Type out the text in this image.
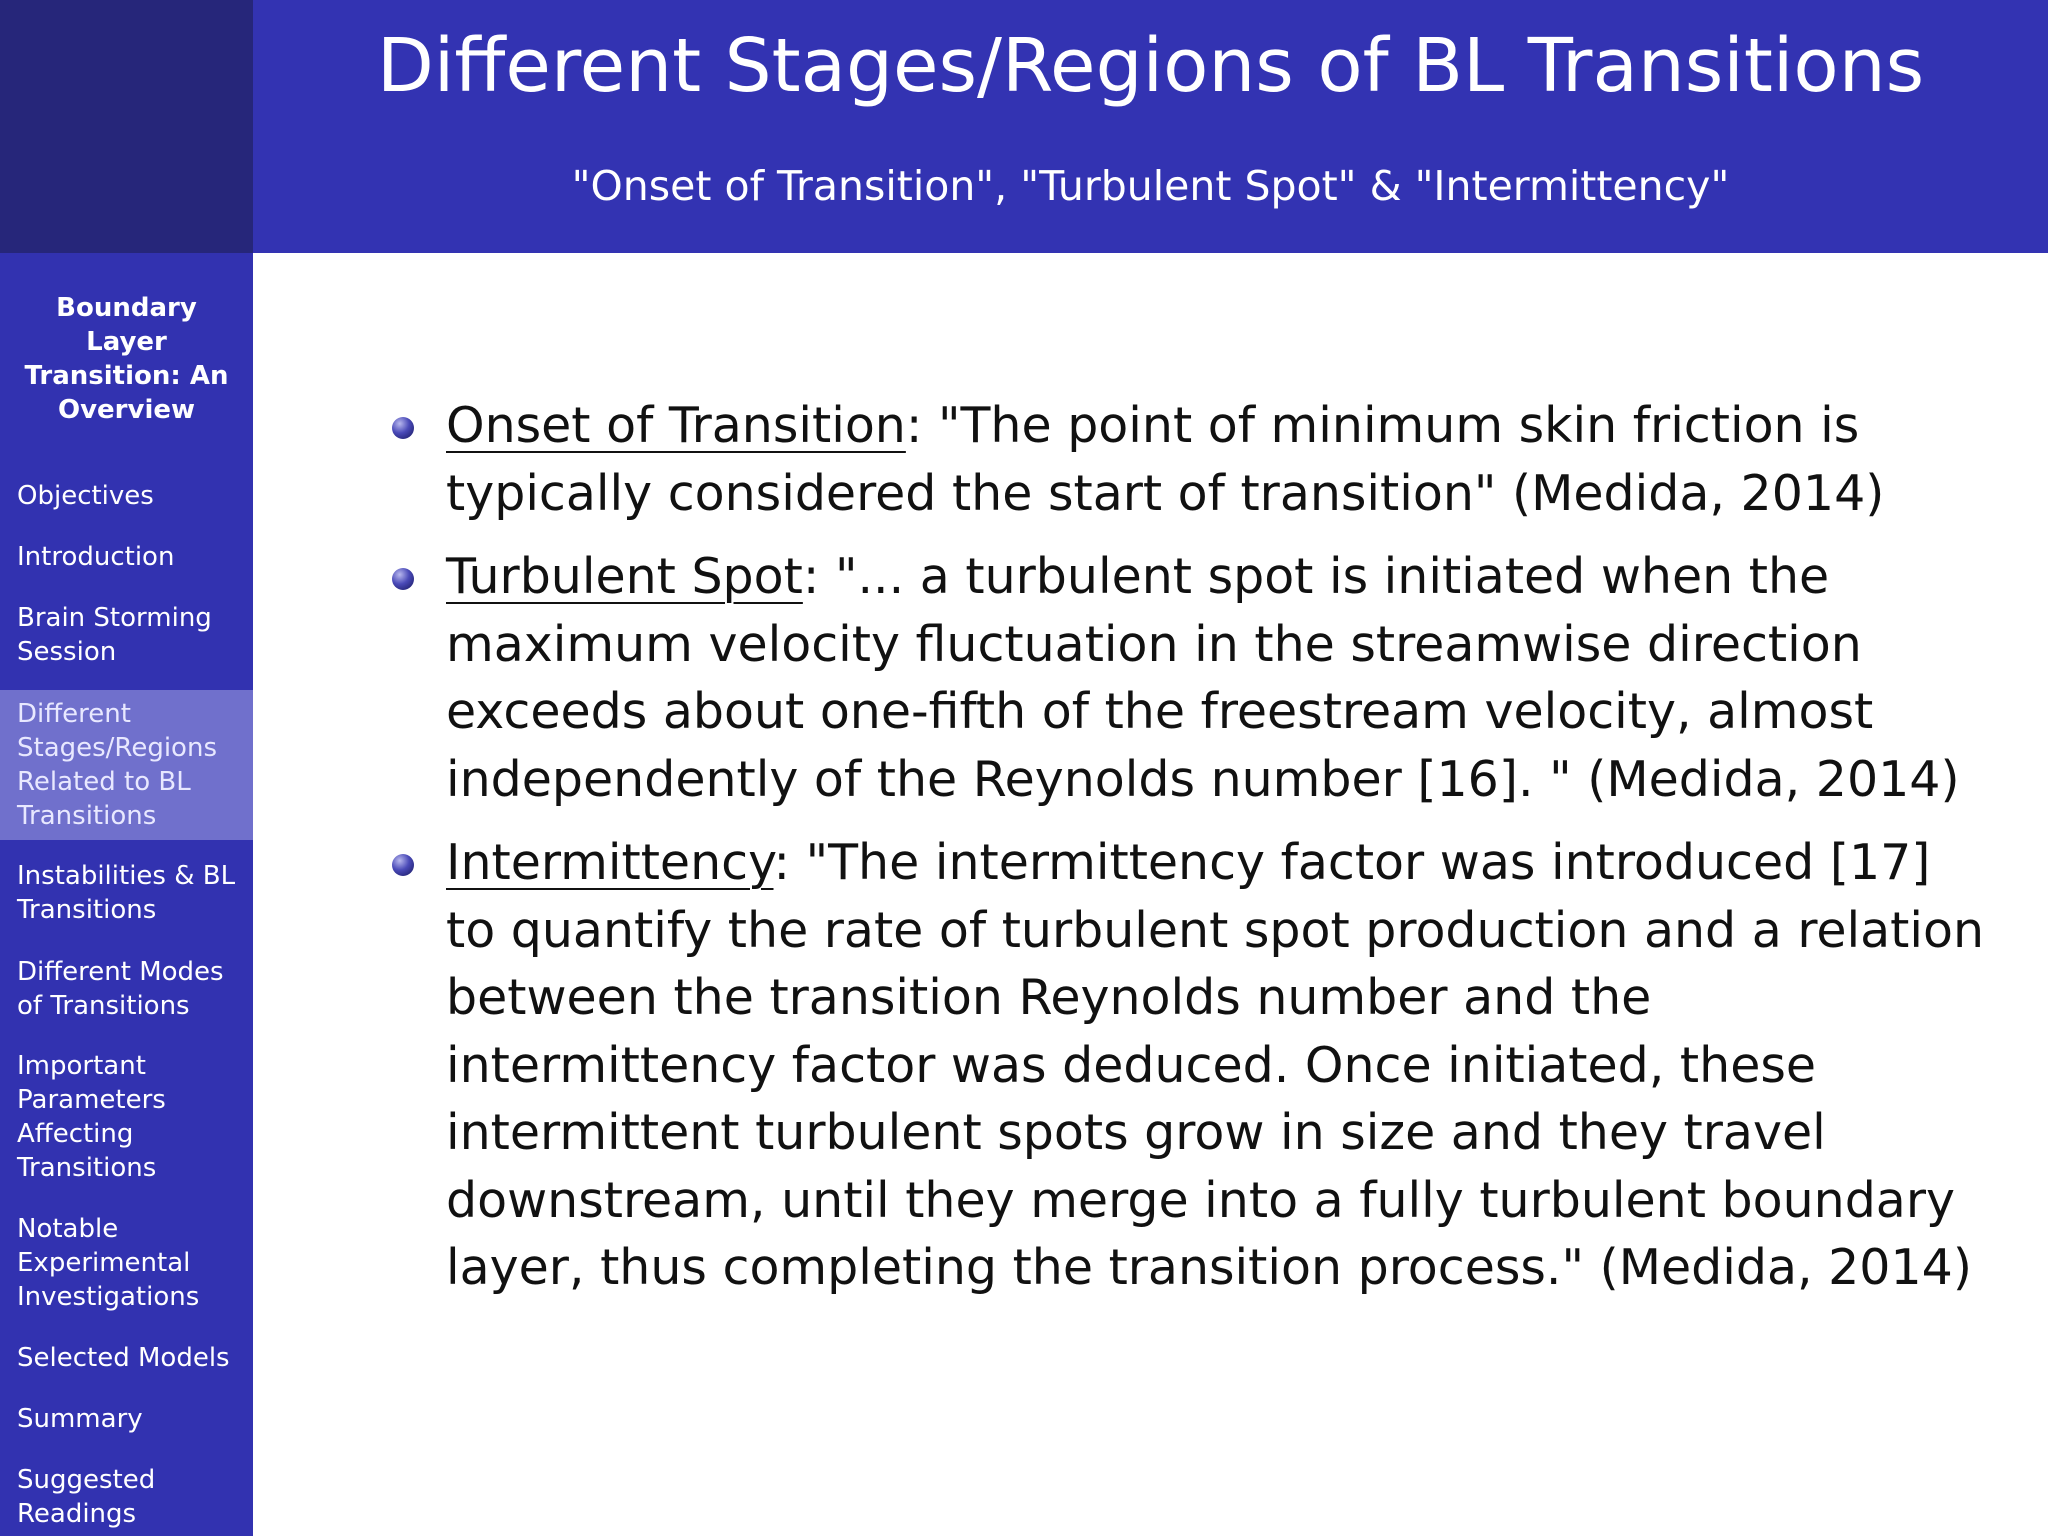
Different Stages/Regions of BL Transitions
"Onset of Transition", "Turbulent Spot" & "Intermittency"
Boundary Layer Transition: An Overview
Objectives
Introduction
Brain Storming Session
Different Stages/Regions Related to BL Transitions
Instabilities & BL Transitions
Different Modes of Transitions
Important Parameters Affecting Transitions
Notable Experimental Investigations
Selected Models
Summary
Suggested Readings
Onset of Transition: "The point of minimum skin friction is typically considered the start of transition" (Medida, 2014)
Turbulent Spot: "... a turbulent spot is initiated when the maximum velocity fluctuation in the streamwise direction exceeds about one-fifth of the freestream velocity, almost independently of the Reynolds number [16]. " (Medida, 2014)
Intermittency: "The intermittency factor was introduced [17] to quantify the rate of turbulent spot production and a relation between the transition Reynolds number and the intermittency factor was deduced. Once initiated, these intermittent turbulent spots grow in size and they travel downstream, until they merge into a fully turbulent boundary layer, thus completing the transition process." (Medida, 2014)
